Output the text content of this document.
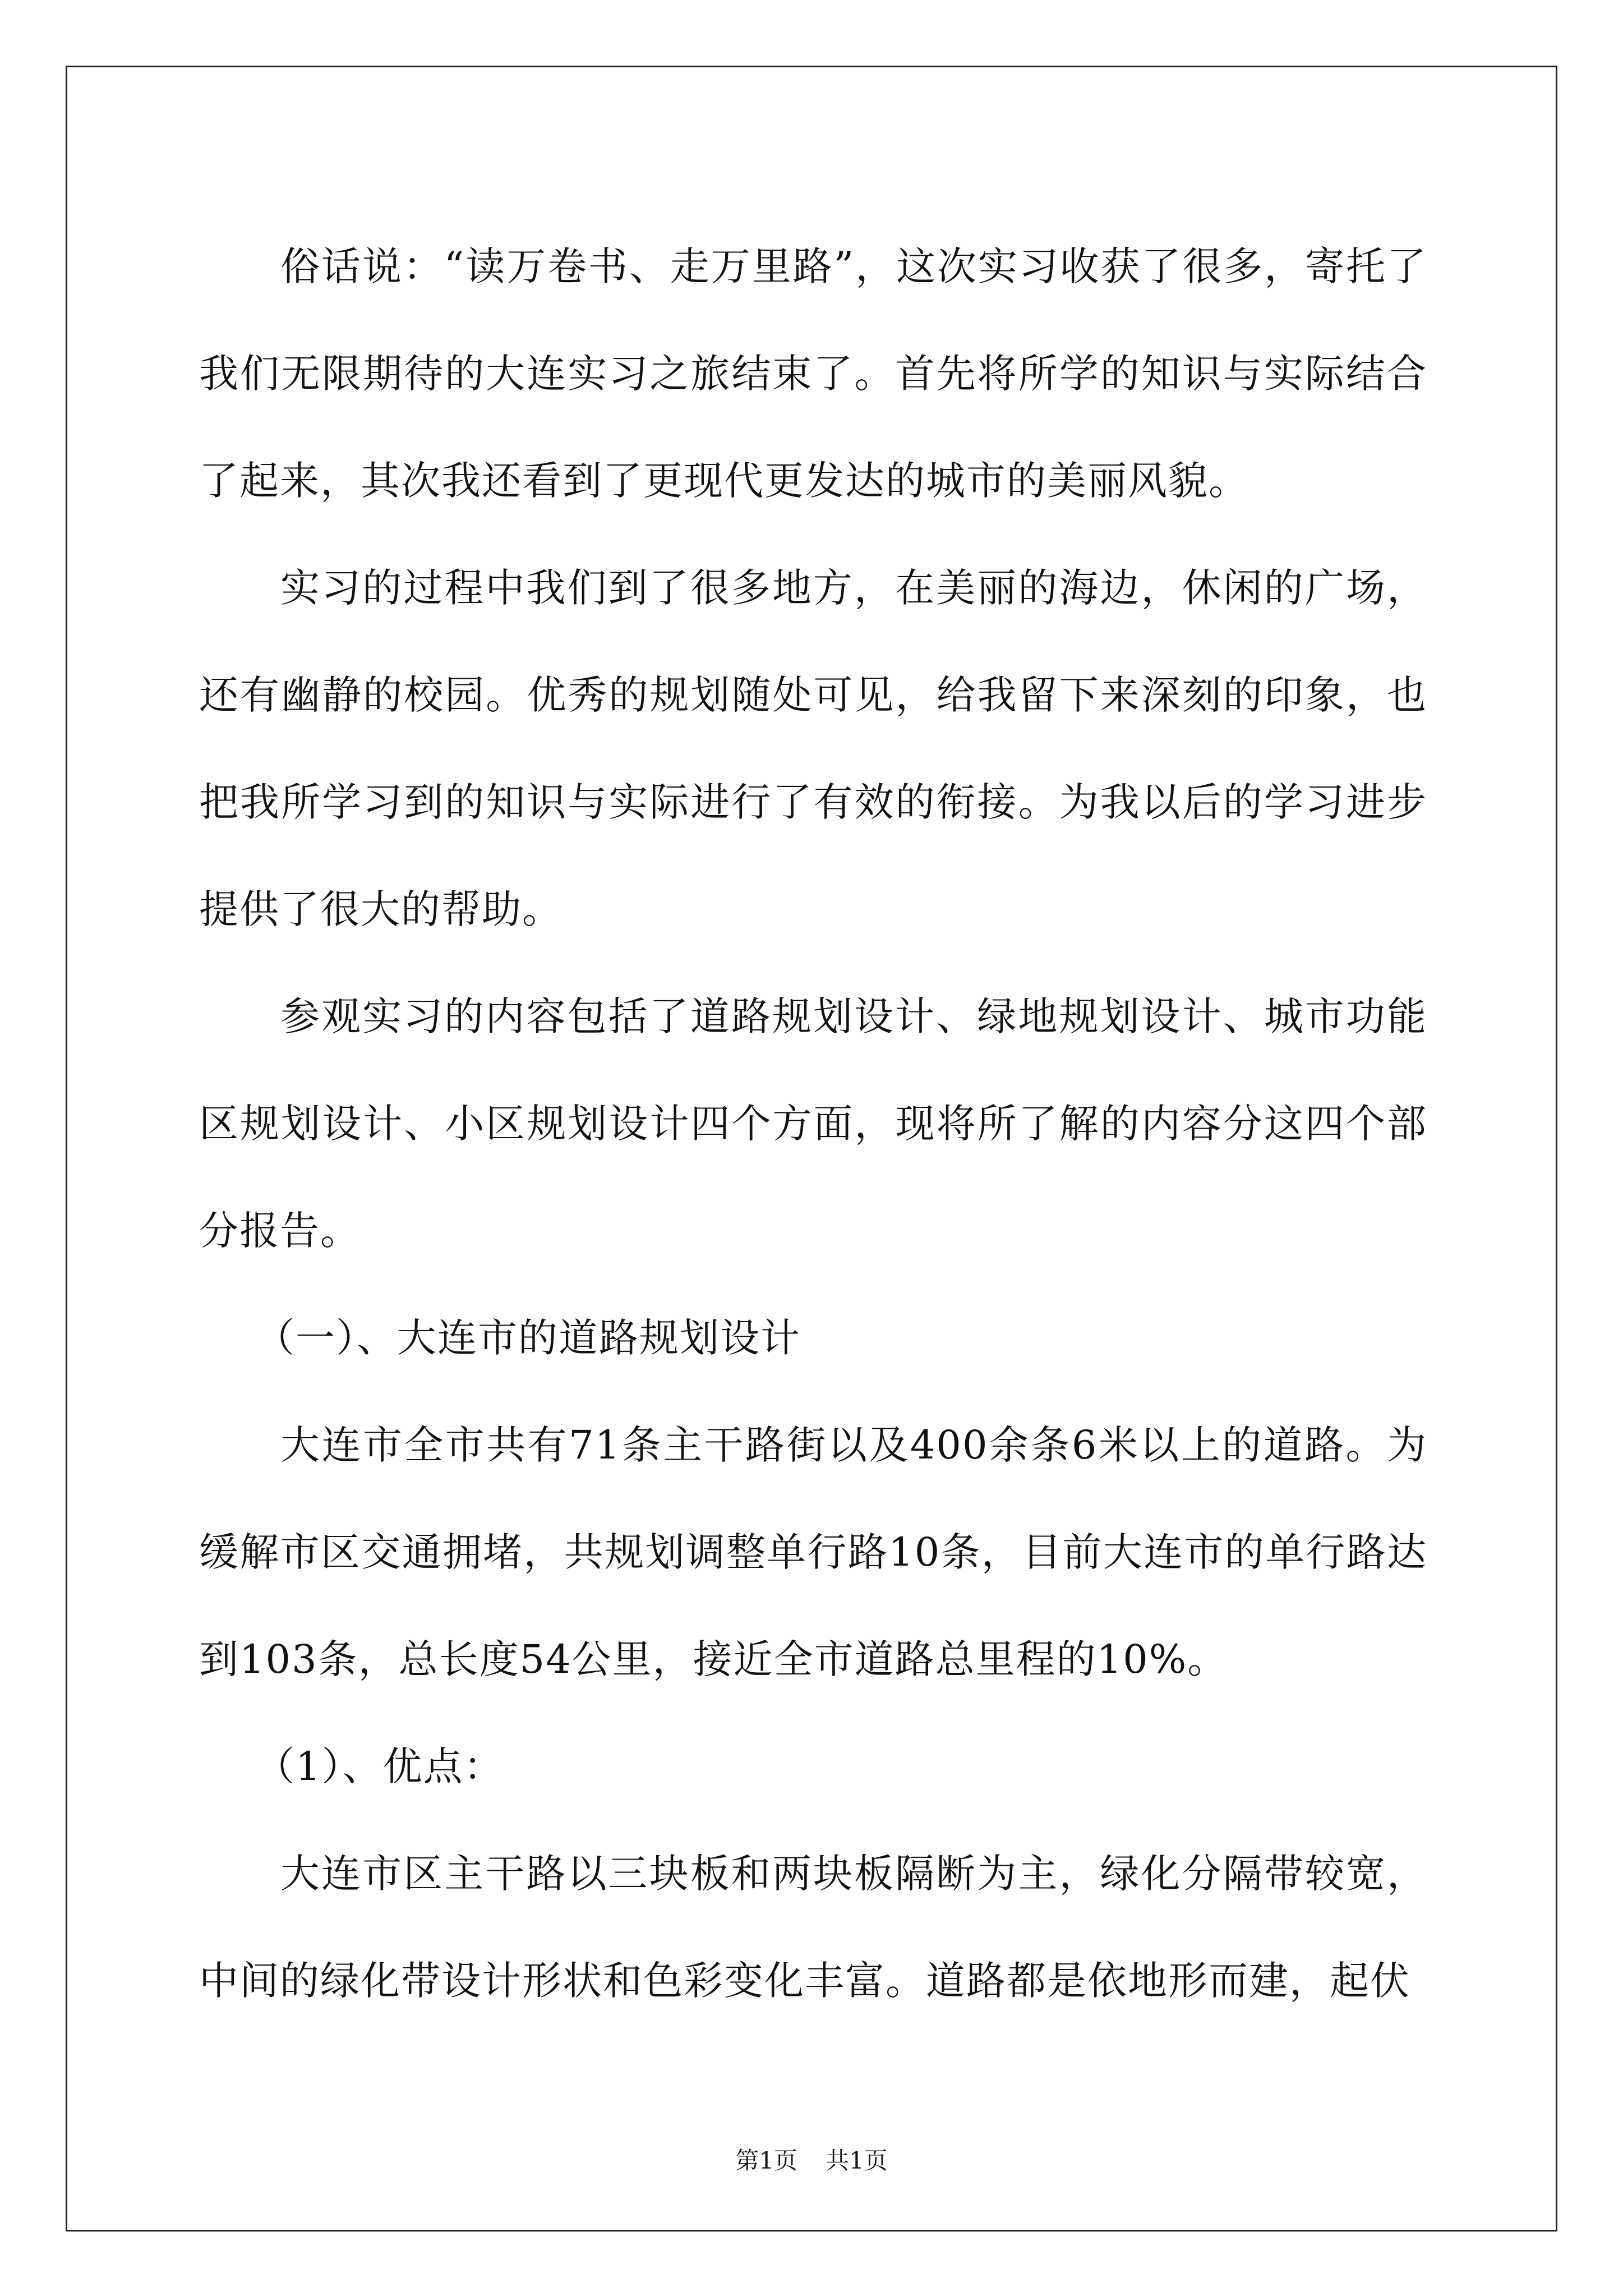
俗话说：“读万卷书、走万里路”，这次实习收获了很多，寄托了我们无限期待的大连实习之旅结束了。首先将所学的知识与实际结合了起来，其次我还看到了更现代更发达的城市的美丽风貌。

实习的过程中我们到了很多地方，在美丽的海边，休闲的广场，还有幽静的校园。优秀的规划随处可见，给我留下来深刻的印象，也把我所学习到的知识与实际进行了有效的衔接。为我以后的学习进步提供了很大的帮助。

参观实习的内容包括了道路规划设计、绿地规划设计、城市功能区规划设计、小区规划设计四个方面，现将所了解的内容分这四个部分报告。

（一）、大连市的道路规划设计

大连市全市共有71条主干路街以及400余条6米以上的道路。为缓解市区交通拥堵，共规划调整单行路10条，目前大连市的单行路达到103条，总长度54公里，接近全市道路总里程的10%。

（1）、优点：

大连市区主干路以三块板和两块板隔断为主，绿化分隔带较宽，中间的绿化带设计形状和色彩变化丰富。道路都是依地形而建，起伏

第1页 共1页
